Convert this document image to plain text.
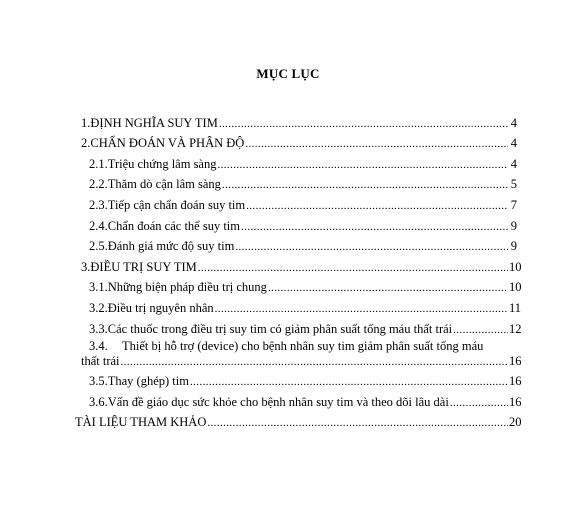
MỤC LỤC
1. ĐỊNH NGHĨA SUY TIM .....	4
2. CHẨN ĐOÁN VÀ PHÂN ĐỘ .....	4
2.1. Triệu chứng lâm sàng .....	4
2.2. Thăm dò cận lâm sàng .....	5
2.3. Tiếp cận chẩn đoán suy tim .....	7
2.4. Chẩn đoán các thể suy tim .....	9
2.5. Đánh giá mức độ suy tim .....	9
3. ĐIỀU TRỊ SUY TIM .....	10
3.1. Những biện pháp điều trị chung .....	10
3.2. Điều trị nguyên nhân .....	11
3.3. Các thuốc trong điều trị suy tim có giảm phân suất tống máu thất trái .....	12
3.4.	Thiết bị hỗ trợ (device) cho bệnh nhân suy tim giảm phân suất tống máu
thất trái .....	16
3.5. Thay (ghép) tim .....	16
3.6. Vấn đề giáo dục sức khỏe cho bệnh nhân suy tim và theo dõi lâu dài .....	16
TÀI LIỆU THAM KHẢO .....	20
